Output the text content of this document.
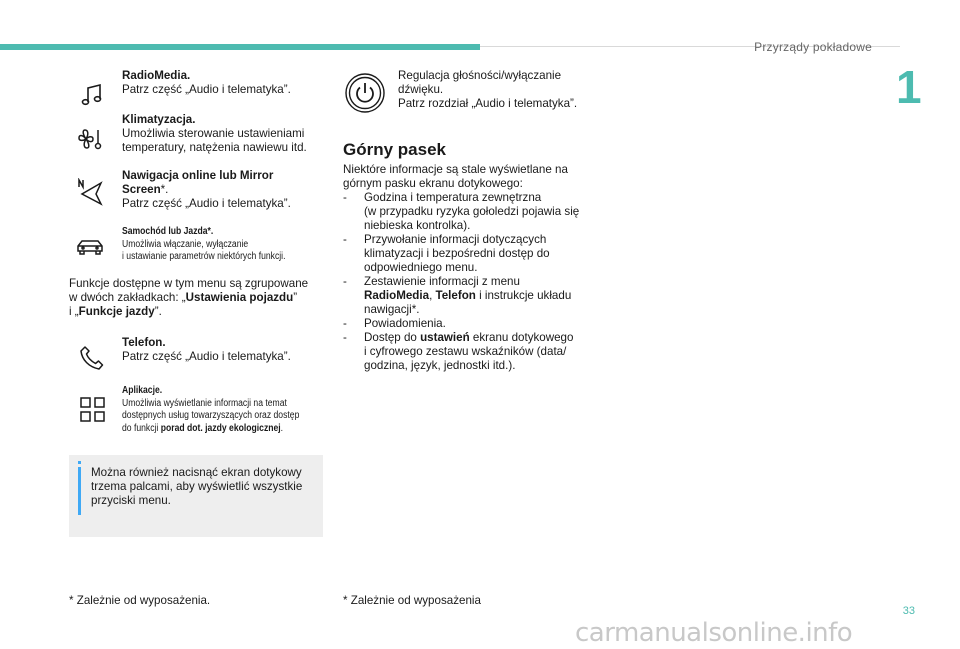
Przyrządy pokładowe
1
RadioMedia.
Patrz część „Audio i telematyka”.
Klimatyzacja.
Umożliwia sterowanie ustawieniami
temperatury, natężenia nawiewu itd.
Nawigacja online lub Mirror
Screen*.
Patrz część „Audio i telematyka”.
Samochód lub Jazda*.
Umożliwia włączanie, wyłączanie
i ustawianie parametrów niektórych funkcji.
Funkcje dostępne w tym menu są zgrupowane
w dwóch zakładkach: „Ustawienia pojazdu”
i „Funkcje jazdy”.
Telefon.
Patrz część „Audio i telematyka”.
Aplikacje.
Umożliwia wyświetlanie informacji na temat
dostępnych usług towarzyszących oraz dostęp
do funkcji porad dot. jazdy ekologicznej.
Można również nacisnąć ekran dotykowy
trzema palcami, aby wyświetlić wszystkie
przyciski menu.
* Zależnie od wyposażenia.
Regulacja głośności/wyłączanie
dźwięku.
Patrz rozdział „Audio i telematyka”.
Górny pasek
Niektóre informacje są stale wyświetlane na
górnym pasku ekranu dotykowego:
- Godzina i temperatura zewnętrzna
(w przypadku ryzyka gołoledzi pojawia się
niebieska kontrolka).
- Przywołanie informacji dotyczących
klimatyzacji i bezpośredni dostęp do
odpowiedniego menu.
- Zestawienie informacji z menu
RadioMedia, Telefon i instrukcje układu
nawigacji*.
- Powiadomienia.
- Dostęp do ustawień ekranu dotykowego
i cyfrowego zestawu wskaźników (data/
godzina, język, jednostki itd.).
* Zależnie od wyposażenia
33
carmanualsonline.info
